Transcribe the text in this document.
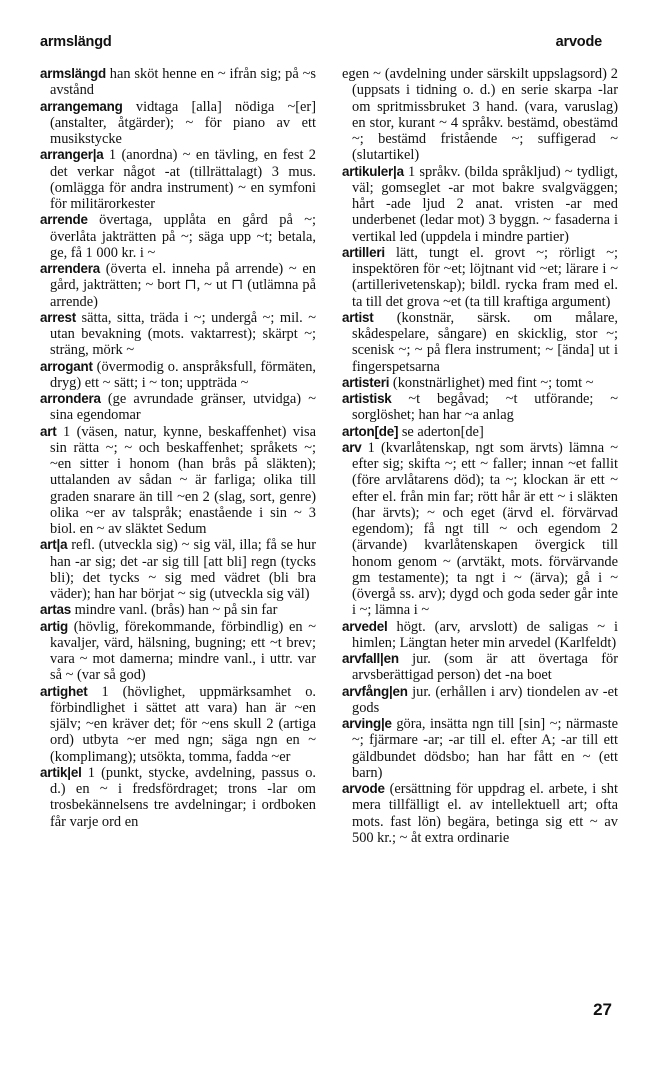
armslängd	arvode
armslängd han sköt henne en ~ ifrån sig; på ~s avstånd
arrangemang vidtaga [alla] nödiga ~[er] (anstalter, åtgärder); ~ för piano av ett musikstycke
arranger|a 1 (anordna) ~ en tävling, en fest 2 det verkar något -at (tillrättalagt) 3 mus. (omlägga för andra instrument) ~ en symfoni för militärorkester
arrende övertaga, upplåta en gård på ~; överlåta jakträtten på ~; säga upp ~t; betala, ge, få 1 000 kr. i ~
arrendera (överta el. inneha på arrende) ~ en gård, jakträtten; ~ bort ⊓, ~ ut ⊓ (utlämna på arrende)
arrest sätta, sitta, träda i ~; undergå ~; mil. ~ utan bevakning (mots. vaktarrest); skärpt ~; sträng, mörk ~
arrogant (övermodig o. anspråksfull, förmäten, dryg) ett ~ sätt; i ~ ton; uppträda ~
arrondera (ge avrundade gränser, utvidga) ~ sina egendomar
art 1 (väsen, natur, kynne, beskaffenhet) visa sin rätta ~; ~ och beskaffenhet; språkets ~; ~en sitter i honom (han brås på släkten); uttalanden av sådan ~ är farliga; olika till graden snarare än till ~en 2 (slag, sort, genre) olika ~er av talspråk; enastående i sin ~ 3 biol. en ~ av släktet Sedum
art|a refl. (utveckla sig) ~ sig väl, illa; få se hur han -ar sig; det -ar sig till [att bli] regn (tycks bli); det tycks ~ sig med vädret (bli bra väder); han har börjat ~ sig (utveckla sig väl)
artas mindre vanl. (brås) han ~ på sin far
artig (hövlig, förekommande, förbindlig) en ~ kavaljer, värd, hälsning, bugning; ett ~t brev; vara ~ mot damerna; mindre vanl., i uttr. var så ~ (var så god)
artighet 1 (hövlighet, uppmärksamhet o. förbindlighet i sättet att vara) han är ~en själv; ~en kräver det; för ~ens skull 2 (artiga ord) utbyta ~er med ngn; säga ngn en ~ (komplimang); utsökta, tomma, fadda ~er
artik|el 1 (punkt, stycke, avdelning, passus o. d.) en ~ i fredsfördraget; trons -lar om trosbekännelsens tre avdelningar; i ordboken får varje ord en
egen ~ (avdelning under särskilt uppslagsord) 2 (uppsats i tidning o. d.) en serie skarpa -lar om spritmissbruket 3 hand. (vara, varuslag) en stor, kurant ~ 4 språkv. bestämd, obestämd ~; bestämd fristående ~; suffigerad ~ (slutartikel)
artikuler|a 1 språkv. (bilda språkljud) ~ tydligt, väl; gomseglet -ar mot bakre svalgväggen; hårt -ade ljud 2 anat. vristen -ar med underbenet (ledar mot) 3 byggn. ~ fasaderna i vertikal led (uppdela i mindre partier)
artilleri lätt, tungt el. grovt ~; rörligt ~; inspektören för ~et; löjtnant vid ~et; lärare i ~ (artillerivetenskap); bildl. rycka fram med el. ta till det grova ~et (ta till kraftiga argument)
artist (konstnär, särsk. om målare, skådespelare, sångare) en skicklig, stor ~; scenisk ~; ~ på flera instrument; ~ [ända] ut i fingerspetsarna
artisteri (konstnärlighet) med fint ~; tomt ~
artistisk ~t begåvad; ~t utförande; ~ sorglöshet; han har ~a anlag
arton[de] se aderton[de]
arv 1 (kvarlåtenskap, ngt som ärvts) lämna ~ efter sig; skifta ~; ett ~ faller; innan ~et fallit (före arvlåtarens död); ta ~; klockan är ett ~ efter el. från min far; rött hår är ett ~ i släkten (har ärvts); ~ och eget (ärvd el. förvärvad egendom); få ngt till ~ och egendom 2 (ärvande) kvarlåtenskapen övergick till honom genom ~ (arvtäkt, mots. förvärvande gm testamente); ta ngt i ~ (ärva); gå i ~ (övergå ss. arv); dygd och goda seder går inte i ~; lämna i ~
arvedel högt. (arv, arvslott) de saligas ~ i himlen; Längtan heter min arvedel (Karlfeldt)
arvfall|en jur. (som är att övertaga för arvsberättigad person) det -na boet
arvfång|en jur. (erhållen i arv) tiondelen av -et gods
arving|e göra, insätta ngn till [sin] ~; närmaste ~; fjärmare -ar; -ar till el. efter A; -ar till ett gäldbundet dödsbo; han har fått en ~ (ett barn)
arvode (ersättning för uppdrag el. arbete, i sht mera tillfälligt el. av intellektuell art; ofta mots. fast lön) begära, betinga sig ett ~ av 500 kr.; ~ åt extra ordinarie
27
